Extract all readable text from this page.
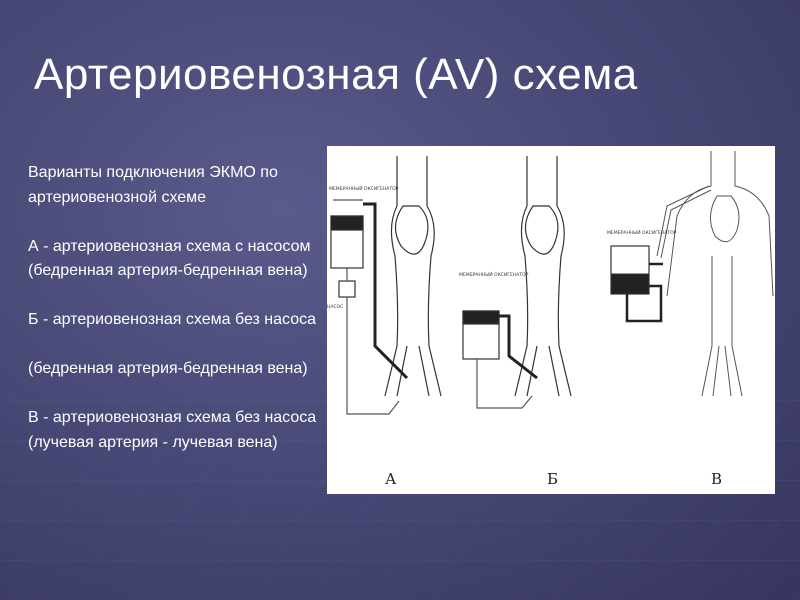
Артериовенозная (AV) схема

Варианты подключения ЭКМО по артериовенозной схеме

А - артериовенозная схема с насосом (бедренная артерия-бедренная вена)

Б - артериовенозная схема без насоса

(бедренная артерия-бедренная вена)

В - артериовенозная схема без насоса (лучевая артерия - лучевая вена)

МЕМБРАННЫЙ ОКСИГЕНАТОР
НАСОС
А
МЕМБРАННЫЙ ОКСИГЕНАТОР
Б
МЕМБРАННЫЙ ОКСИГЕНАТОР
В
